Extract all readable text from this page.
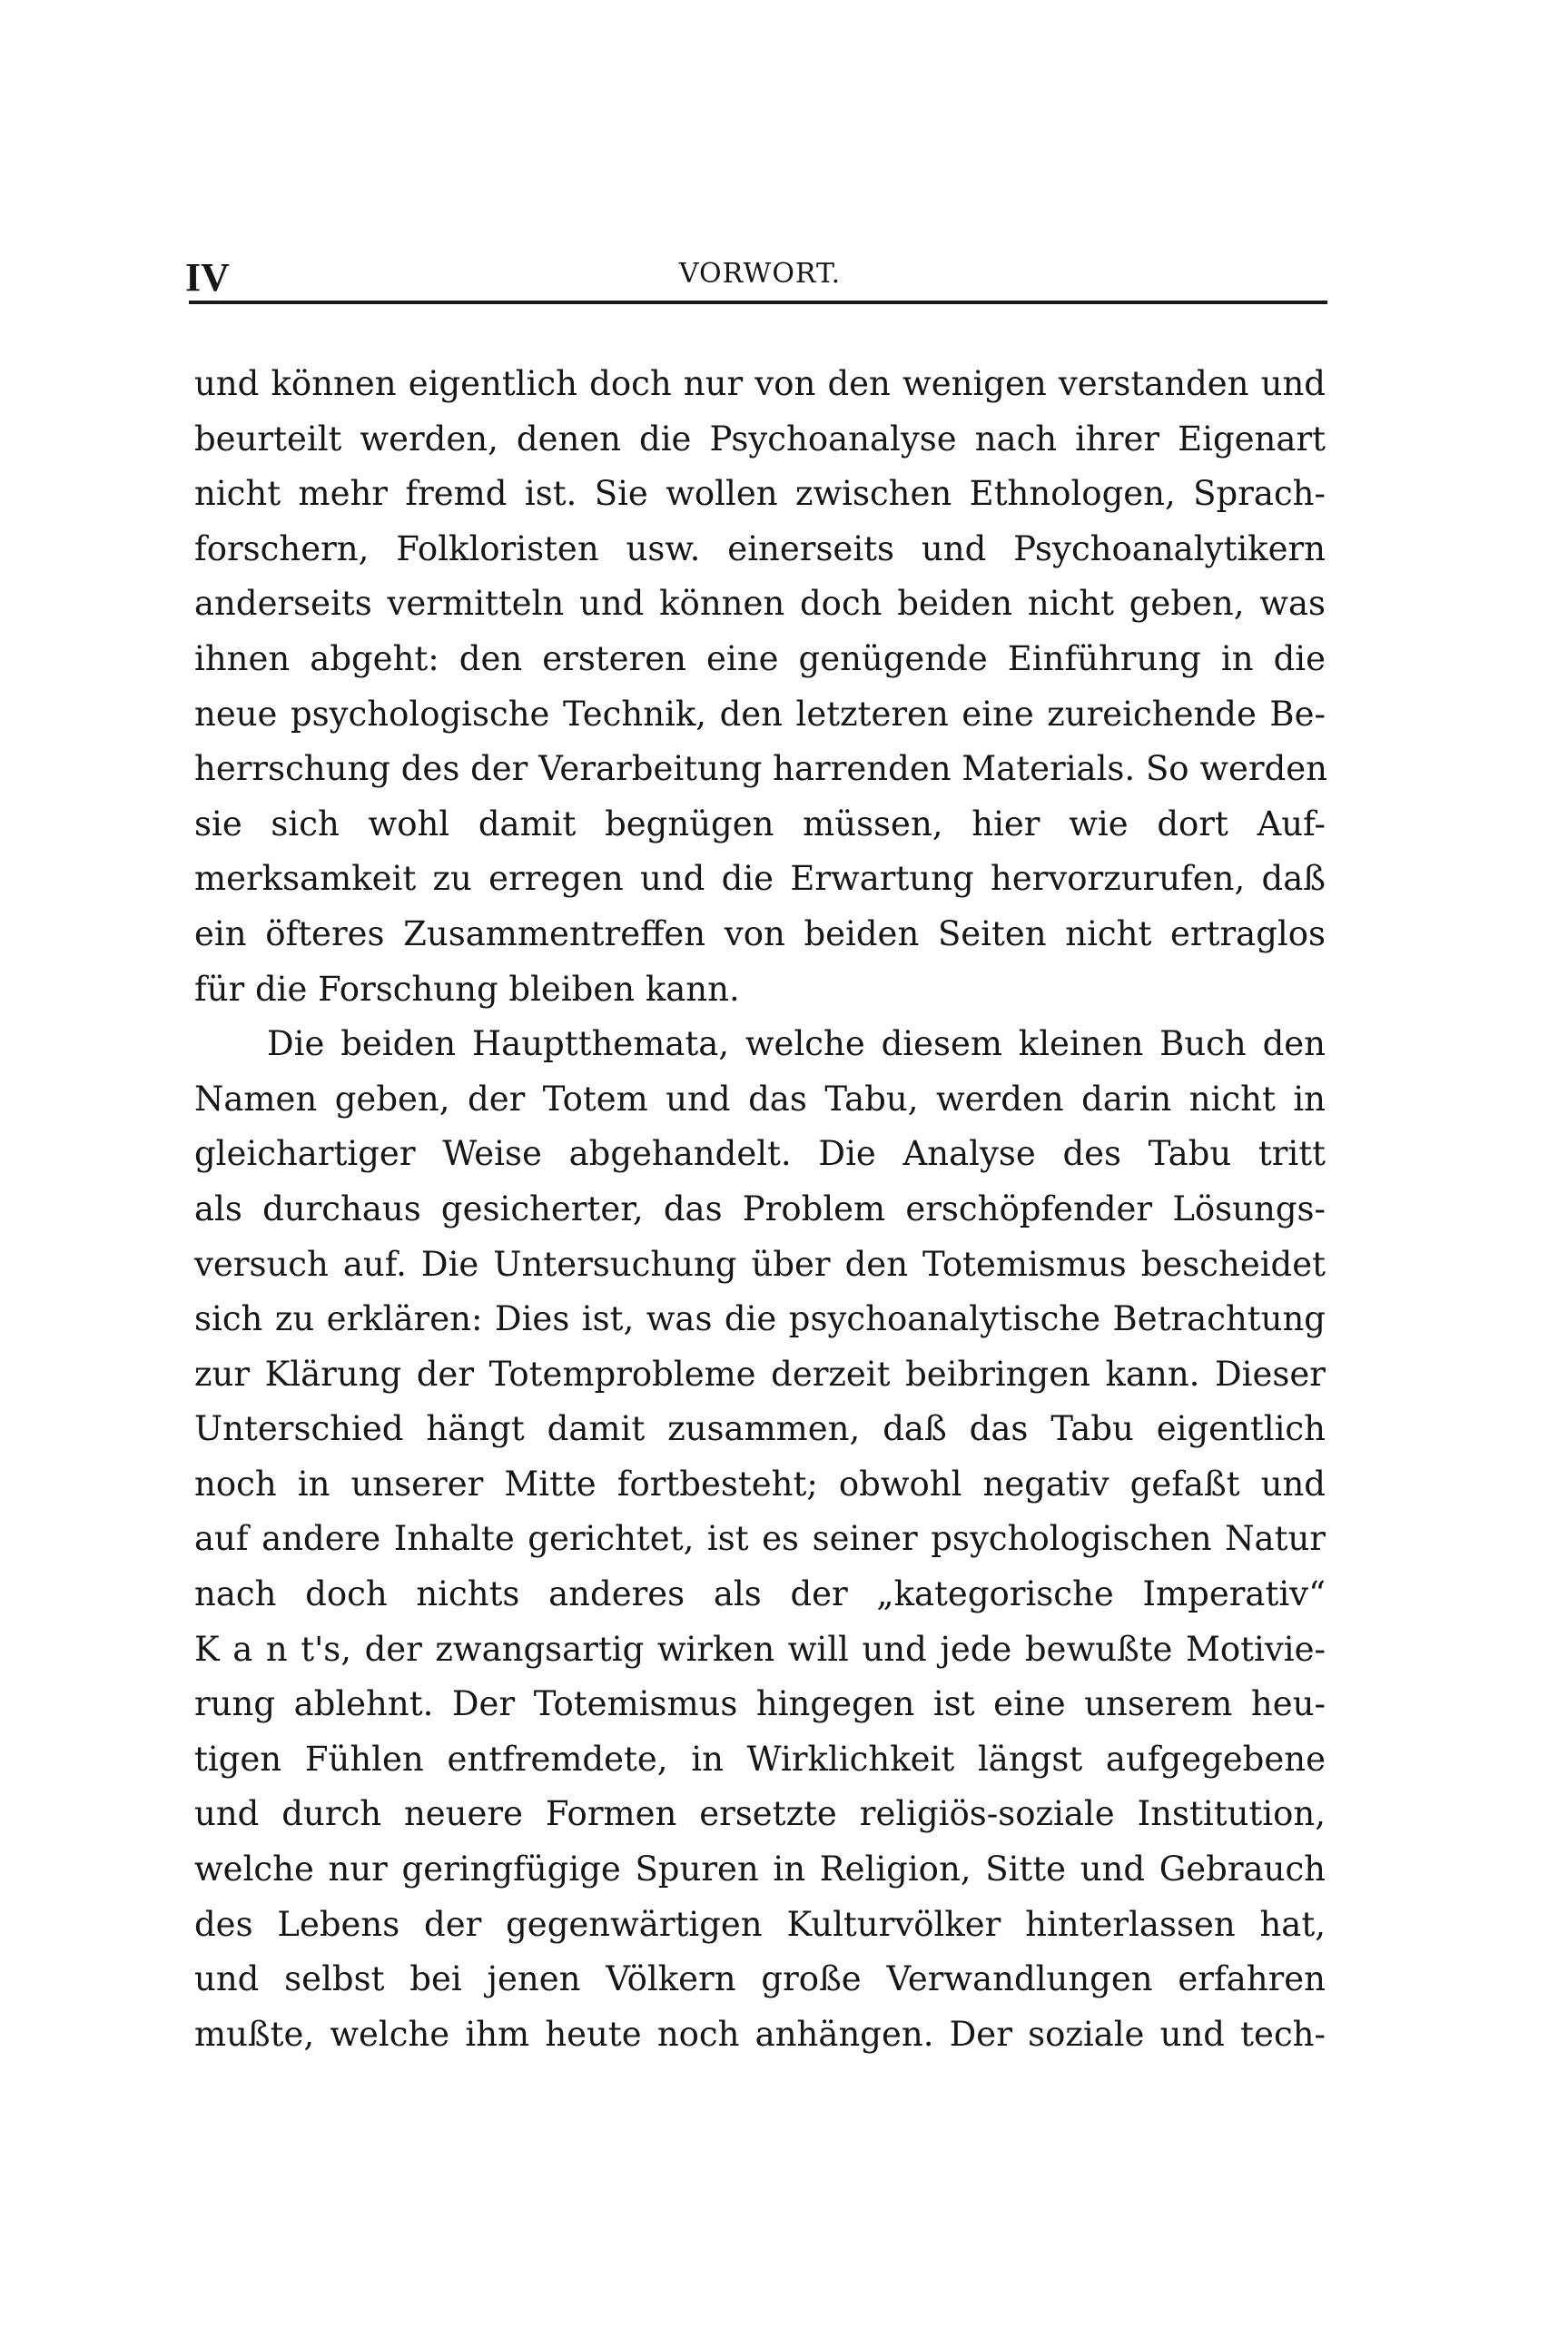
IV	VORWORT.
und können eigentlich doch nur von den wenigen verstanden und
beurteilt werden, denen die Psychoanalyse nach ihrer Eigenart
nicht mehr fremd ist. Sie wollen zwischen Ethnologen, Sprach-
forschern, Folkloristen usw. einerseits und Psychoanalytikern
anderseits vermitteln und können doch beiden nicht geben, was
ihnen abgeht: den ersteren eine genügende Einführung in die
neue psychologische Technik, den letzteren eine zureichende Be-
herrschung des der Verarbeitung harrenden Materials. So werden
sie sich wohl damit begnügen müssen, hier wie dort Auf-
merksamkeit zu erregen und die Erwartung hervorzurufen, daß
ein öfteres Zusammentreffen von beiden Seiten nicht ertraglos
für die Forschung bleiben kann.
Die beiden Hauptthemata, welche diesem kleinen Buch den
Namen geben, der Totem und das Tabu, werden darin nicht in
gleichartiger Weise abgehandelt. Die Analyse des Tabu tritt
als durchaus gesicherter, das Problem erschöpfender Lösungs-
versuch auf. Die Untersuchung über den Totemismus bescheidet
sich zu erklären: Dies ist, was die psychoanalytische Betrachtung
zur Klärung der Totemprobleme derzeit beibringen kann. Dieser
Unterschied hängt damit zusammen, daß das Tabu eigentlich
noch in unserer Mitte fortbesteht; obwohl negativ gefaßt und
auf andere Inhalte gerichtet, ist es seiner psychologischen Natur
nach doch nichts anderes als der „kategorische Imperativ“
K a n t's, der zwangsartig wirken will und jede bewußte Motivie-
rung ablehnt. Der Totemismus hingegen ist eine unserem heu-
tigen Fühlen entfremdete, in Wirklichkeit längst aufgegebene
und durch neuere Formen ersetzte religiös-soziale Institution,
welche nur geringfügige Spuren in Religion, Sitte und Gebrauch
des Lebens der gegenwärtigen Kulturvölker hinterlassen hat,
und selbst bei jenen Völkern große Verwandlungen erfahren
mußte, welche ihm heute noch anhängen. Der soziale und tech-
